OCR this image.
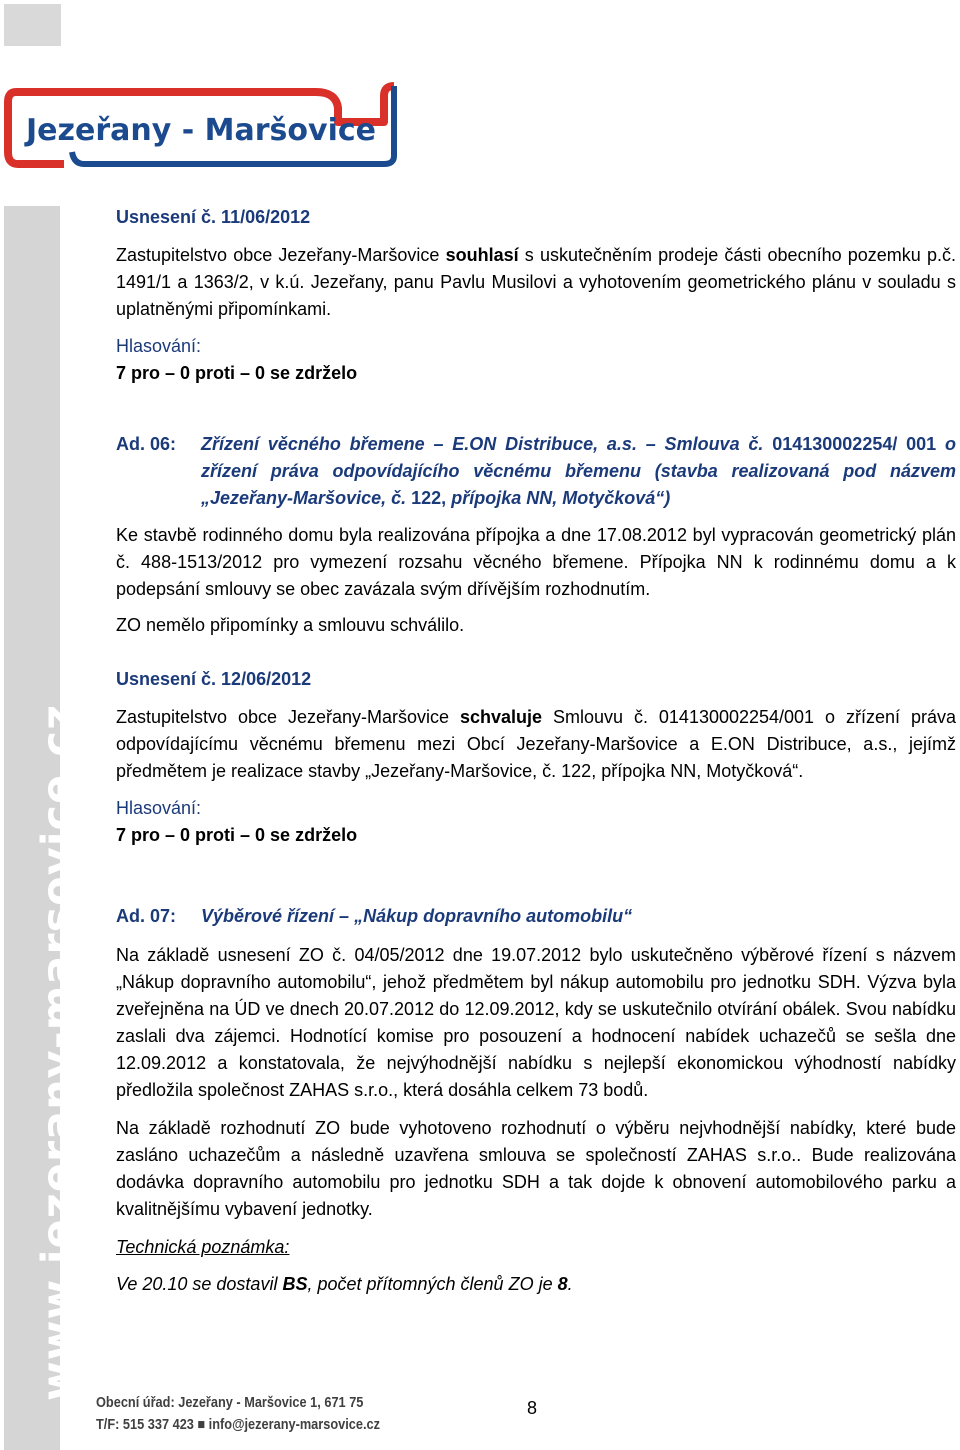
Jezeřany - Maršovice
www.jezerany-marsovice.cz

Usnesení č. 11/06/2012

Zastupitelstvo obce Jezeřany-Maršovice souhlasí s uskutečněním prodeje části obecního pozemku p.č. 1491/1 a 1363/2, v k.ú. Jezeřany, panu Pavlu Musilovi a vyhotovením geometrického plánu v souladu s uplatněnými připomínkami.

Hlasování:

7 pro – 0 proti – 0 se zdrželo

Ad. 06:	Zřízení věcného břemene – E.ON Distribuce, a.s. – Smlouva č. 014130002254/ 001 o zřízení práva odpovídajícího věcnému břemenu (stavba realizovaná pod názvem „Jezeřany-Maršovice, č. 122, přípojka NN, Motyčková“)

Ke stavbě rodinného domu byla realizována přípojka a dne 17.08.2012 byl vypracován geometrický plán č. 488-1513/2012 pro vymezení rozsahu věcného břemene. Přípojka NN k rodinnému domu a k podepsání smlouvy se obec zavázala svým dřívějším rozhodnutím.

ZO nemělo připomínky a smlouvu schválilo.

Usnesení č. 12/06/2012

Zastupitelstvo obce Jezeřany-Maršovice schvaluje Smlouvu č. 014130002254/001 o zřízení práva odpovídajícímu věcnému břemenu mezi Obcí Jezeřany-Maršovice a E.ON Distribuce, a.s., jejímž předmětem je realizace stavby „Jezeřany-Maršovice, č. 122, přípojka NN, Motyčková“.

Hlasování:

7 pro – 0 proti – 0 se zdrželo

Ad. 07:	Výběrové řízení – „Nákup dopravního automobilu“

Na základě usnesení ZO č. 04/05/2012 dne 19.07.2012 bylo uskutečněno výběrové řízení s názvem „Nákup dopravního automobilu“, jehož předmětem byl nákup automobilu pro jednotku SDH. Výzva byla zveřejněna na ÚD ve dnech 20.07.2012 do 12.09.2012, kdy se uskutečnilo otvírání obálek. Svou nabídku zaslali dva zájemci. Hodnotící komise pro posouzení a hodnocení nabídek uchazečů se sešla dne 12.09.2012 a konstatovala, že nejvýhodnější nabídku s nejlepší ekonomickou výhodností nabídky předložila společnost ZAHAS s.r.o., která dosáhla celkem 73 bodů.

Na základě rozhodnutí ZO bude vyhotoveno rozhodnutí o výběru nejvhodnější nabídky, které bude zasláno uchazečům a následně uzavřena smlouva se společností ZAHAS s.r.o.. Bude realizována dodávka dopravního automobilu pro jednotku SDH a tak dojde k obnovení automobilového parku a kvalitnějšímu vybavení jednotky.

Technická poznámka:

Ve 20.10 se dostavil BS, počet přítomných členů ZO je 8.

Obecní úřad: Jezeřany - Maršovice 1, 671 75
T/F: 515 337 423 ■ info@jezerany-marsovice.cz
8
